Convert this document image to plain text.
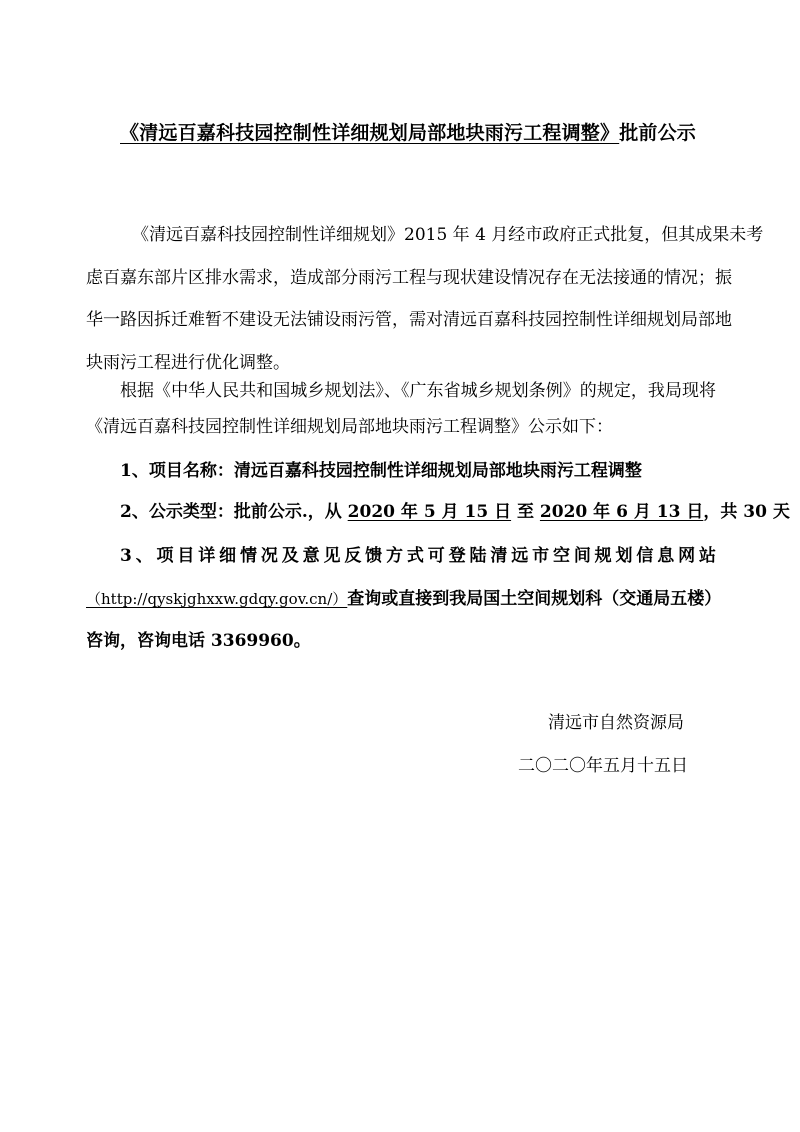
《清远百嘉科技园控制性详细规划局部地块雨污工程调整》批前公示
《清远百嘉科技园控制性详细规划》2015 年 4 月经市政府正式批复，但其成果未考
虑百嘉东部片区排水需求，造成部分雨污工程与现状建设情况存在无法接通的情况；振
华一路因拆迁难暂不建设无法铺设雨污管，需对清远百嘉科技园控制性详细规划局部地
块雨污工程进行优化调整。
根据《中华人民共和国城乡规划法》、《广东省城乡规划条例》的规定，我局现将
《清远百嘉科技园控制性详细规划局部地块雨污工程调整》公示如下：
1、项目名称：清远百嘉科技园控制性详细规划局部地块雨污工程调整
2、公示类型：批前公示.，从 2020 年 5 月 15 日 至 2020 年 6 月 13 日，共 30 天
3、项目详细情况及意见反馈方式可登陆清远市空间规划信息网站
（http://qyskjghxxw.gdqy.gov.cn/）查询或直接到我局国土空间规划科（交通局五楼）
咨询，咨询电话 3369960。
清远市自然资源局
二〇二〇年五月十五日
